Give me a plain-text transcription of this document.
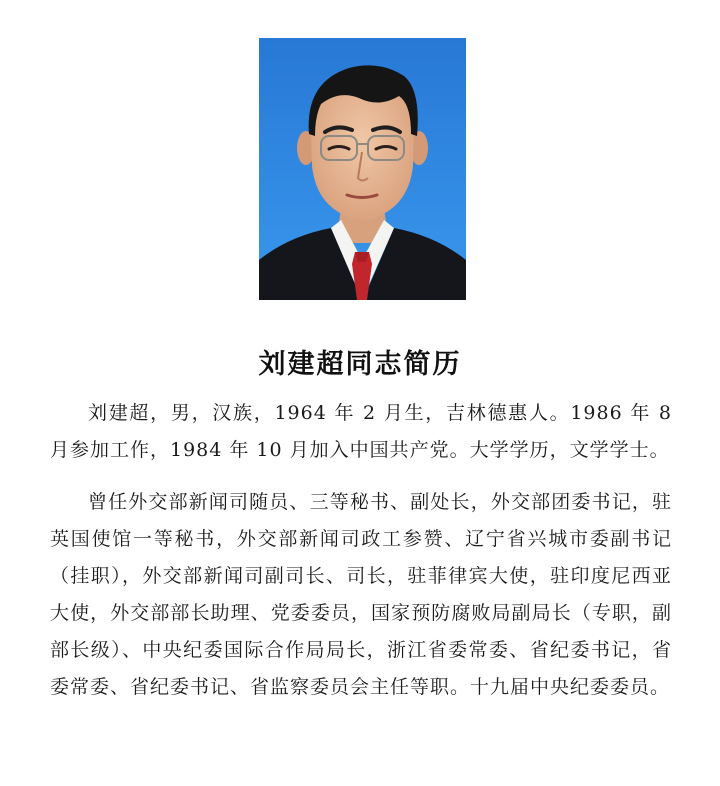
刘建超同志简历

刘建超，男，汉族，1964 年 2 月生，吉林德惠人。1986 年 8 月参加工作，1984 年 10 月加入中国共产党。大学学历，文学学士。

曾任外交部新闻司随员、三等秘书、副处长，外交部团委书记，驻英国使馆一等秘书，外交部新闻司政工参赞、辽宁省兴城市委副书记（挂职），外交部新闻司副司长、司长，驻菲律宾大使，驻印度尼西亚大使，外交部部长助理、党委委员，国家预防腐败局副局长（专职，副部长级）、中央纪委国际合作局局长，浙江省委常委、省纪委书记，省委常委、省纪委书记、省监察委员会主任等职。十九届中央纪委委员。
